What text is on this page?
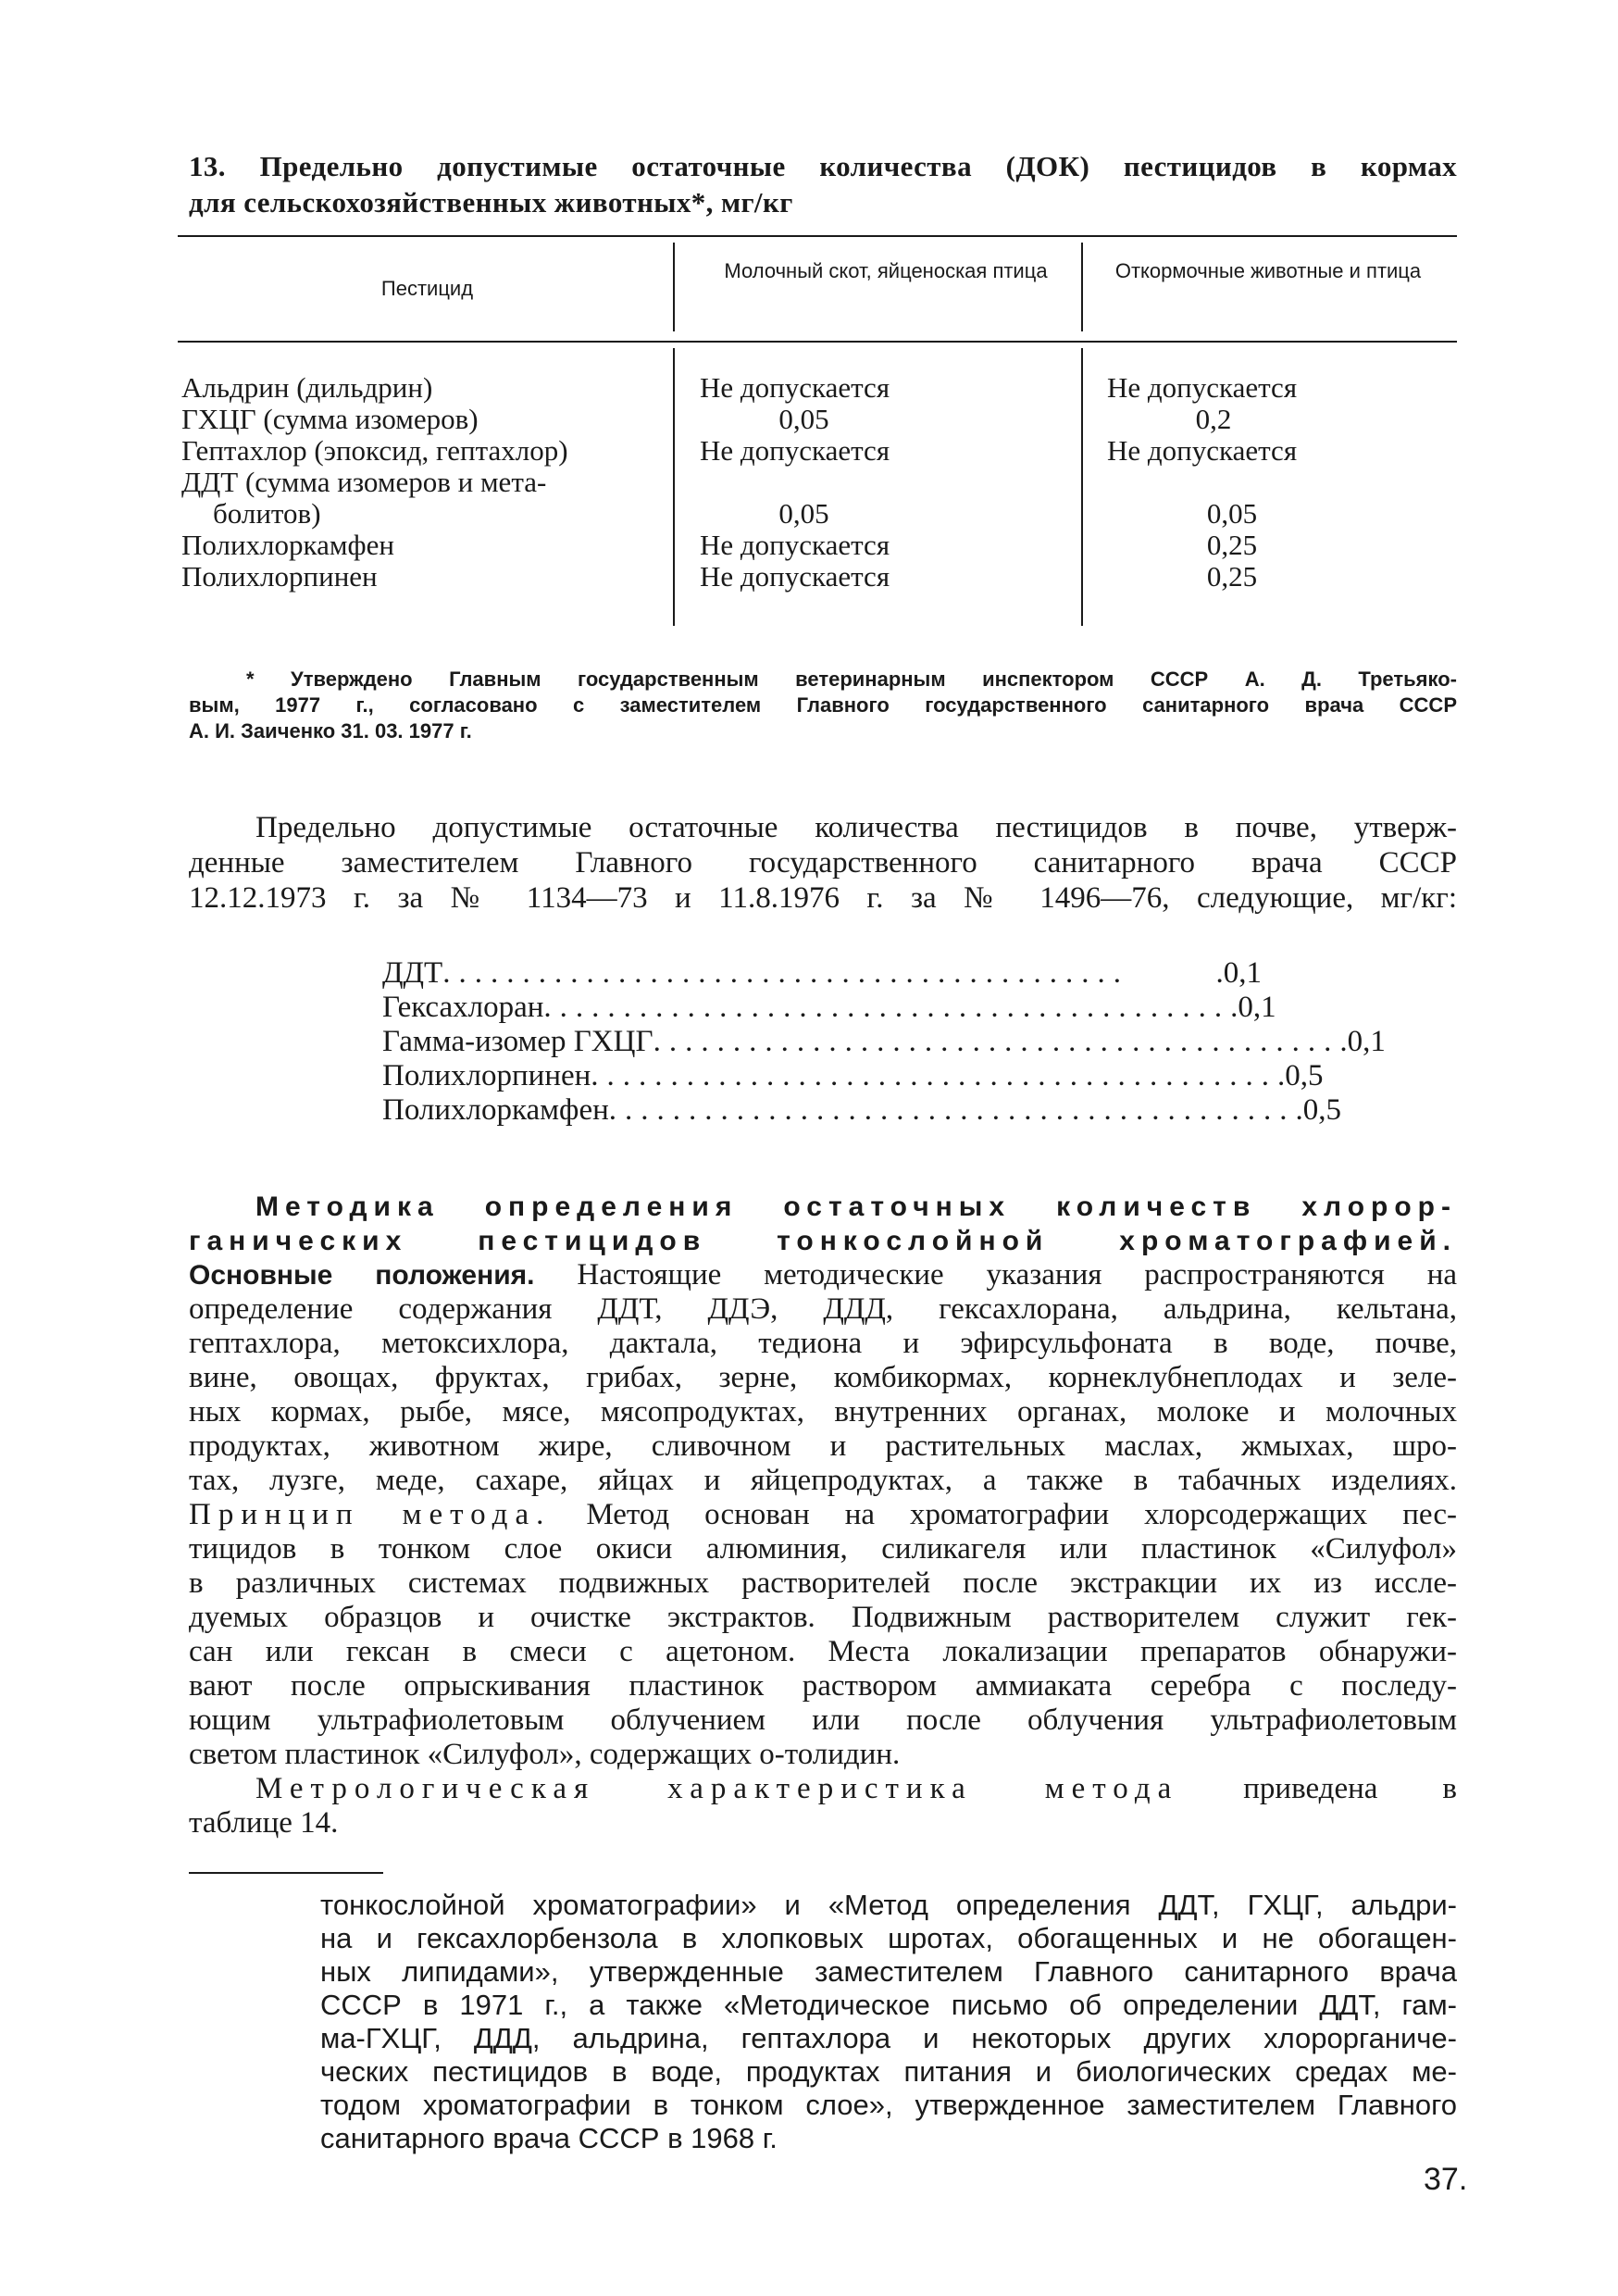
13. Предельно допустимые остаточные количества (ДОК) пестицидов в кормах
для сельскохозяйственных животных*, мг/кг
Пестицид
Молочный скот, яйценоская птица	Откормочные животные и птица
Альдрин (дильдрин)	Не допускается	Не допускается
ГХЦГ (сумма изомеров)	0,05	0,2
Гептахлор (эпоксид, гептахлор)	Не допускается	Не допускается
ДДТ (сумма изомеров и мета-
болитов)	0,05	0,05
Полихлоркамфен	Не допускается	0,25
Полихлорпинен	Не допускается	0,25
* Утверждено Главным государственным ветеринарным инспектором СССР А. Д. Третьяко-
вым, 1977 г., согласовано с заместителем Главного государственного санитарного врача СССР
А. И. Заиченко 31. 03. 1977 г.
Предельно допустимые остаточные количества пестицидов в почве, утверж-
денные заместителем Главного государственного санитарного врача СССР
12.12.1973 г. за № 1134—73 и 11.8.1976 г. за № 1496—76, следующие, мг/кг:
ДДТ ...........................................	.0,1
Гексахлоран ........................................... .0,1
Гамма-изомер ГХЦГ ........................................... .0,1
Полихлорпинен ........................................... .0,5
Полихлоркамфен ........................................... .0,5
Методика определения остаточных количеств хлорор-
ганических пестицидов тонкослойной хроматографией.
Основные положения. Настоящие методические указания распространяются на
определение содержания ДДТ, ДДЭ, ДДД, гексахлорана, альдрина, кельтана,
гептахлора, метоксихлора, дактала, тедиона и эфирсульфоната в воде, почве,
вине, овощах, фруктах, грибах, зерне, комбикормах, корнеклубнеплодах и зеле-
ных кормах, рыбе, мясе, мясопродуктах, внутренних органах, молоке и молочных
продуктах, животном жире, сливочном и растительных маслах, жмыхах, шро-
тах, лузге, меде, сахаре, яйцах и яйцепродуктах, а также в табачных изделиях.
Принцип метода. Метод основан на хроматографии хлорсодержащих пес-
тицидов в тонком слое окиси алюминия, силикагеля или пластинок «Силуфол»
в различных системах подвижных растворителей после экстракции их из иссле-
дуемых образцов и очистке экстрактов. Подвижным растворителем служит гек-
сан или гексан в смеси с ацетоном. Места локализации препаратов обнаружи-
вают после опрыскивания пластинок раствором аммиаката серебра с последу-
ющим ультрафиолетовым облучением или после облучения ультрафиолетовым
светом пластинок «Силуфол», содержащих о-толидин.
Метрологическая характеристика метода приведена в
таблице 14.
тонкослойной хроматографии» и «Метод определения ДДТ, ГХЦГ, альдри-
на и гексахлорбензола в хлопковых шротах, обогащенных и не обогащен-
ных липидами», утвержденные заместителем Главного санитарного врача
СССР в 1971 г., а также «Методическое письмо об определении ДДТ, гам-
ма-ГХЦГ, ДДД, альдрина, гептахлора и некоторых других хлорорганиче-
ческих пестицидов в воде, продуктах питания и биологических средах ме-
тодом хроматографии в тонком слое», утвержденное заместителем Главного
санитарного врача СССР в 1968 г.
37.
